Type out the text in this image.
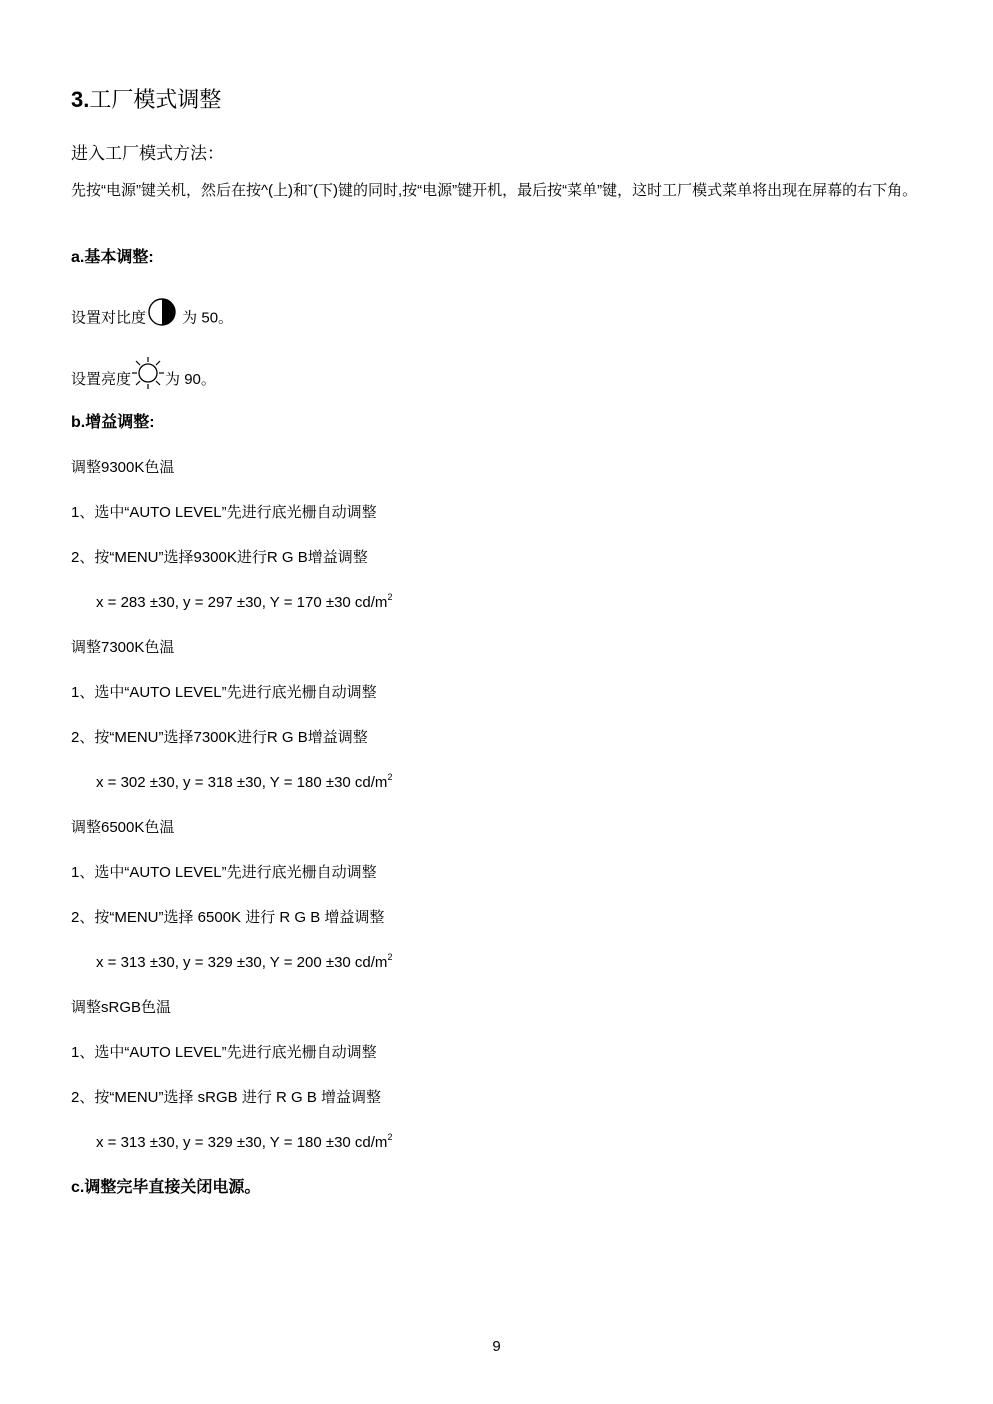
3.工厂模式调整
进入工厂模式方法：
先按“电源”键关机，然后在按^(上)和ˇ(下)键的同时,按“电源”键开机，最后按“菜单”键，这时工厂模式菜单将出现在屏幕的右下角。
a.基本调整:
设置对比度 为 50。
设置亮度 为 90。
b.增益调整:
调整9300K色温
1、选中“AUTO LEVEL”先进行底光栅自动调整
2、按“MENU”选择9300K进行R G B增益调整
x = 283 ±30, y = 297 ±30, Y = 170 ±30 $cd/m^2$
调整7300K色温
1、选中“AUTO LEVEL”先进行底光栅自动调整
2、按“MENU”选择7300K进行R G B增益调整
x = 302 ±30, y = 318 ±30, Y = 180 ±30 $cd/m^2$
调整6500K色温
1、选中“AUTO LEVEL”先进行底光栅自动调整
2、按“MENU”选择 6500K 进行 R G B 增益调整
x = 313 ±30, y = 329 ±30, Y = 200 ±30 $cd/m^2$
调整sRGB色温
1、选中“AUTO LEVEL”先进行底光栅自动调整
2、按“MENU”选择 sRGB 进行 R G B 增益调整
x = 313 ±30, y = 329 ±30, Y = 180 ±30 $cd/m^2$
c.调整完毕直接关闭电源。
9
